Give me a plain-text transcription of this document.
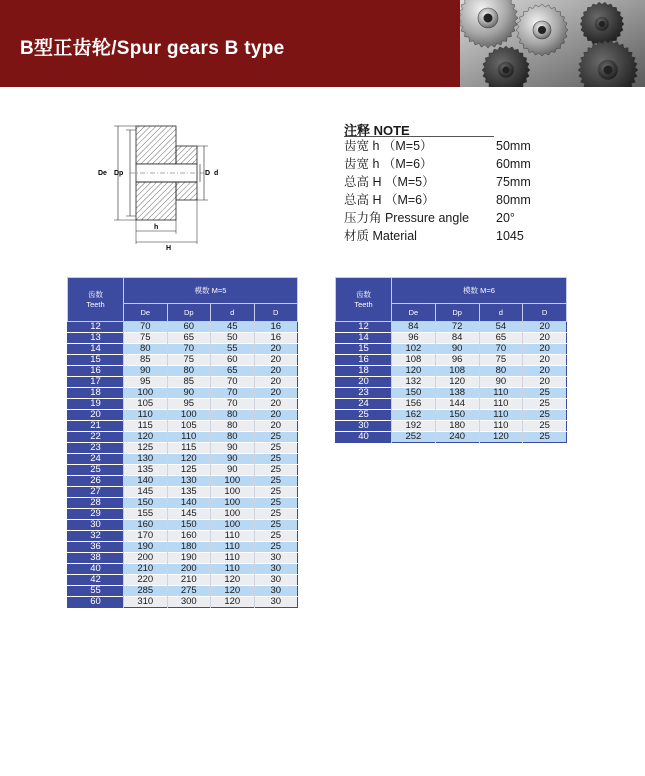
B型正齿轮/Spur gears B type
De Dp	D d
h
H
注释 NOTE
齿宽 h （M=5）	50mm
齿宽 h （M=6）	60mm
总高 H （M=5）	75mm
总高 H （M=6）	80mm
压力角 Pressure angle 20°
材质 Material	1045
齿数
Teeth	模数 M=5			
	De	Dp	d	D
12	70	60	45	16
13	75	65	50	16
14	80	70	55	20
15	85	75	60	20
16	90	80	65	20
17	95	85	70	20
18	100	90	70	20
19	105	95	70	20
20	110	100	80	20
21	115	105	80	20
22	120	110	80	25
23	125	115	90	25
24	130	120	90	25
25	135	125	90	25
26	140	130	100	25
27	145	135	100	25
28	150	140	100	25
29	155	145	100	25
30	160	150	100	25
32	170	160	110	25
36	190	180	110	25
38	200	190	110	30
40	210	200	110	30
42	220	210	120	30
55	285	275	120	30
60	310	300	120	30
齿数
Teeth	模数 M=6			
	De	Dp	d	D
12	84	72	54	20
14	96	84	65	20
15	102	90	70	20
16	108	96	75	20
18	120	108	80	20
20	132	120	90	20
23	150	138	110	25
24	156	144	110	25
25	162	150	110	25
30	192	180	110	25
40	252	240	120	25
